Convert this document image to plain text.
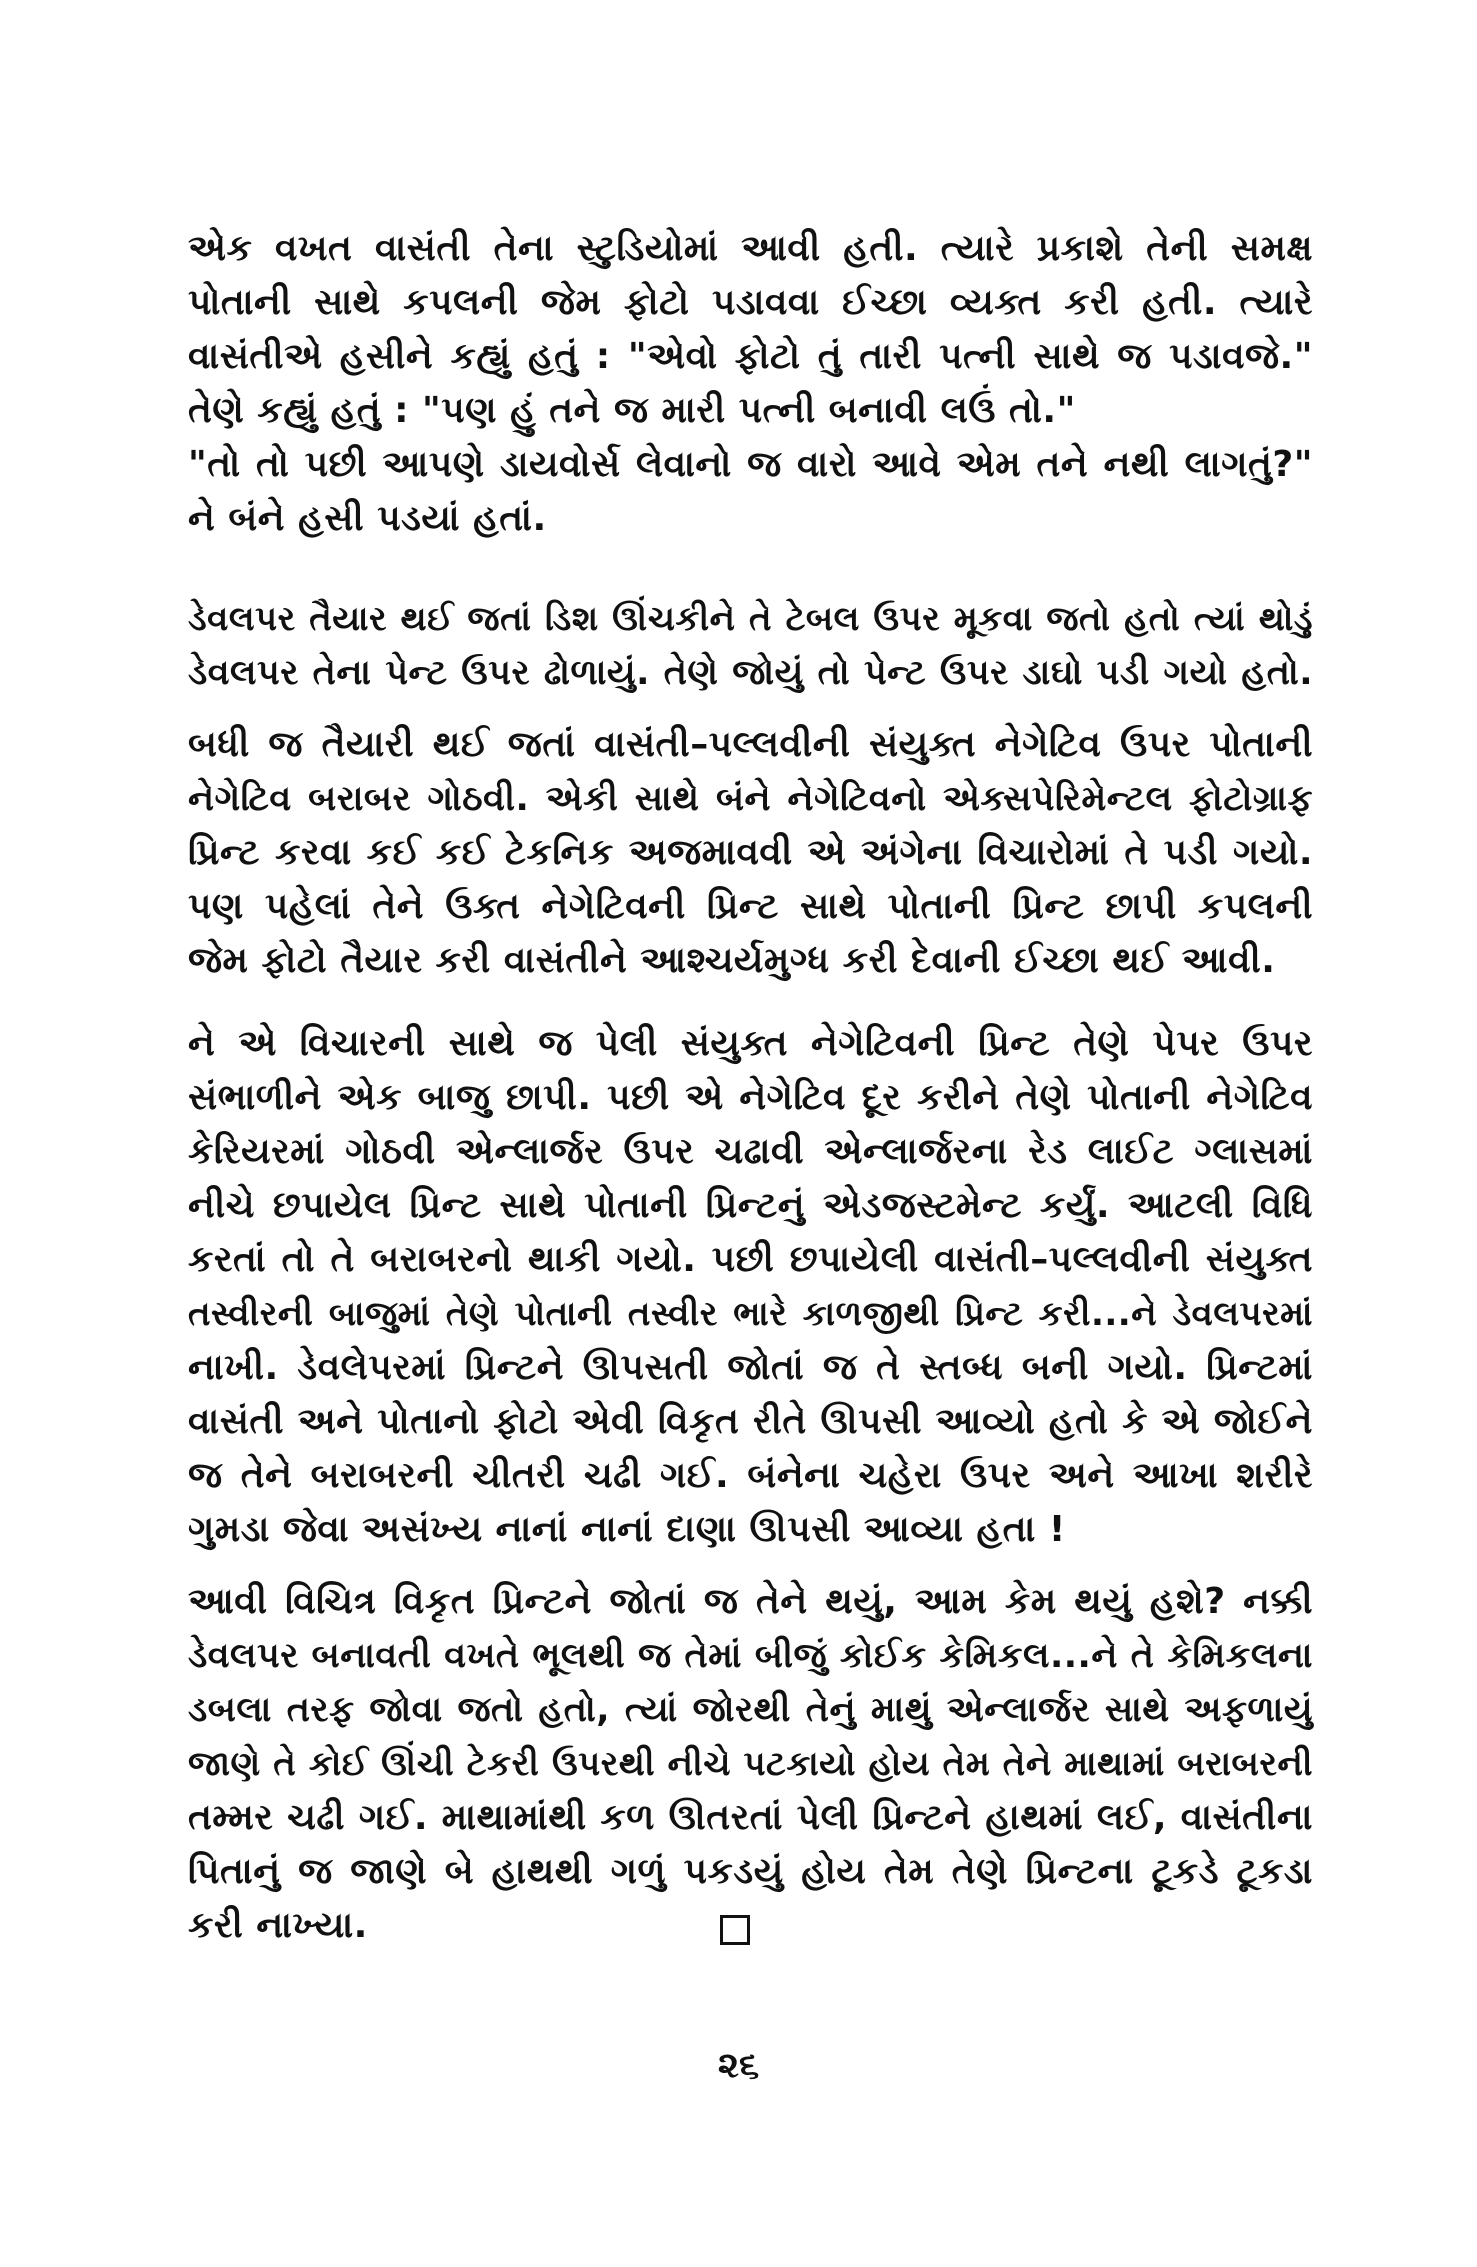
એક વખત વાસંતી તેના સ્ટુડિયોમાં આવી હતી. ત્યારે પ્રકાશે તેની સમક્ષ
પોતાની સાથે કપલની જેમ ફોટો પડાવવા ઈચ્છા વ્યક્ત કરી હતી. ત્યારે
વાસંતીએ હસીને કહ્યું હતું : "એવો ફોટો તું તારી પત્ની સાથે જ પડાવજે."
તેણે કહ્યું હતું : "પણ હું તને જ મારી પત્ની બનાવી લઉં તો."
"તો તો પછી આપણે ડાયવોર્સ લેવાનો જ વારો આવે એમ તને નથી લાગતું?"
ને બંને હસી પડયાં હતાં.
ડેવલપર તૈયાર થઈ જતાં ડિશ ઊંચકીને તે ટેબલ ઉપર મૂકવા જતો હતો ત્યાં થોડું
ડેવલપર તેના પેન્ટ ઉપર ઢોળાયું. તેણે જોયું તો પેન્ટ ઉપર ડાઘો પડી ગયો હતો.
બધી જ તૈયારી થઈ જતાં વાસંતી–પલ્લવીની સંયુક્ત નેગેટિવ ઉપર પોતાની
નેગેટિવ બરાબર ગોઠવી. એકી સાથે બંને નેગેટિવનો એક્સપેરિમેન્ટલ ફોટોગ્રાફ
પ્રિન્ટ કરવા કઈ કઈ ટેકનિક અજમાવવી એ અંગેના વિચારોમાં તે પડી ગયો.
પણ પહેલાં તેને ઉક્ત નેગેટિવની પ્રિન્ટ સાથે પોતાની પ્રિન્ટ છાપી કપલની
જેમ ફોટો તૈયાર કરી વાસંતીને આશ્ચર્યમુગ્ધ કરી દેવાની ઈચ્છા થઈ આવી.
ને એ વિચારની સાથે જ પેલી સંયુક્ત નેગેટિવની પ્રિન્ટ તેણે પેપર ઉપર
સંભાળીને એક બાજુ છાપી. પછી એ નેગેટિવ દૂર કરીને તેણે પોતાની નેગેટિવ
કેરિયરમાં ગોઠવી એન્લાર્જર ઉપર ચઢાવી એન્લાર્જરના રેડ લાઈટ ગ્લાસમાં
નીચે છપાયેલ પ્રિન્ટ સાથે પોતાની પ્રિન્ટનું એડજસ્ટમેન્ટ કર્યું. આટલી વિધિ
કરતાં તો તે બરાબરનો થાકી ગયો. પછી છપાયેલી વાસંતી–પલ્લવીની સંયુક્ત
તસ્વીરની બાજુમાં તેણે પોતાની તસ્વીર ભારે કાળજીથી પ્રિન્ટ કરી...ને ડેવલપરમાં
નાખી. ડેવલેપરમાં પ્રિન્ટને ઊપસતી જોતાં જ તે સ્તબ્ધ બની ગયો. પ્રિન્ટમાં
વાસંતી અને પોતાનો ફોટો એવી વિકૃત રીતે ઊપસી આવ્યો હતો કે એ જોઈને
જ તેને બરાબરની ચીતરી ચઢી ગઈ. બંનેના ચહેરા ઉપર અને આખા શરીરે
ગુમડા જેવા અસંખ્ય નાનાં નાનાં દાણા ઊપસી આવ્યા હતા !
આવી વિચિત્ર વિકૃત પ્રિન્ટને જોતાં જ તેને થયું, આમ કેમ થયું હશે? નક્કી
ડેવલપર બનાવતી વખતે ભૂલથી જ તેમાં બીજું કોઈક કેમિકલ...ને તે કેમિકલના
ડબલા તરફ જોવા જતો હતો, ત્યાં જોરથી તેનું માથું એન્લાર્જર સાથે અફળાયું
જાણે તે કોઈ ઊંચી ટેકરી ઉપરથી નીચે પટકાયો હોય તેમ તેને માથામાં બરાબરની
તમ્મર ચઢી ગઈ. માથામાંથી કળ ઊતરતાં પેલી પ્રિન્ટને હાથમાં લઈ, વાસંતીના
પિતાનું જ જાણે બે હાથથી ગળું પકડયું હોય તેમ તેણે પ્રિન્ટના ટૂકડે ટૂકડા
કરી નાખ્યા.
૨૬
